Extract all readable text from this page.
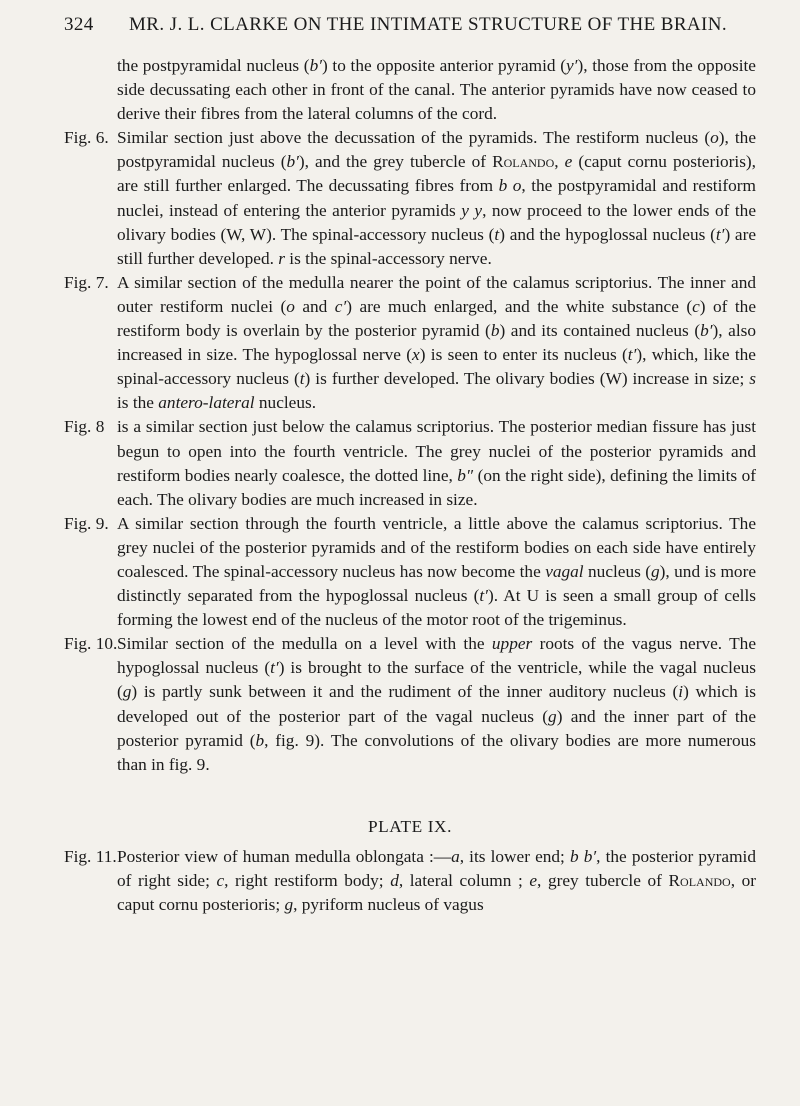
324 MR. J. L. CLARKE ON THE INTIMATE STRUCTURE OF THE BRAIN.

the postpyramidal nucleus (b′) to the opposite anterior pyramid (y′), those from the opposite side decussating each other in front of the canal. The anterior pyramids have now ceased to derive their fibres from the lateral columns of the cord.

Fig. 6. Similar section just above the decussation of the pyramids. The restiform nucleus (o), the postpyramidal nucleus (b′), and the grey tubercle of Rolando, e (caput cornu posterioris), are still further enlarged. The decussating fibres from b o, the postpyramidal and restiform nuclei, instead of entering the anterior pyramids y y, now proceed to the lower ends of the olivary bodies (W, W). The spinal-accessory nucleus (t) and the hypoglossal nucleus (t′) are still further developed. r is the spinal-accessory nerve.
Fig. 7. A similar section of the medulla nearer the point of the calamus scriptorius. The inner and outer restiform nuclei (o and c′) are much enlarged, and the white substance (c) of the restiform body is overlain by the posterior pyramid (b) and its contained nucleus (b′), also increased in size. The hypoglossal nerve (x) is seen to enter its nucleus (t′), which, like the spinal-accessory nucleus (t) is further developed. The olivary bodies (W) increase in size; s is the antero-lateral nucleus.
Fig. 8 is a similar section just below the calamus scriptorius. The posterior median fissure has just begun to open into the fourth ventricle. The grey nuclei of the posterior pyramids and restiform bodies nearly coalesce, the dotted line, b″ (on the right side), defining the limits of each. The olivary bodies are much increased in size.
Fig. 9. A similar section through the fourth ventricle, a little above the calamus scriptorius. The grey nuclei of the posterior pyramids and of the restiform bodies on each side have entirely coalesced. The spinal-accessory nucleus has now become the vagal nucleus (g), und is more distinctly separated from the hypoglossal nucleus (t′). At U is seen a small group of cells forming the lowest end of the nucleus of the motor root of the trigeminus.
Fig. 10. Similar section of the medulla on a level with the upper roots of the vagus nerve. The hypoglossal nucleus (t′) is brought to the surface of the ventricle, while the vagal nucleus (g) is partly sunk between it and the rudiment of the inner auditory nucleus (i) which is developed out of the posterior part of the vagal nucleus (g) and the inner part of the posterior pyramid (b, fig. 9). The convolutions of the olivary bodies are more numerous than in fig. 9.
PLATE IX.
Fig. 11. Posterior view of human medulla oblongata :—a, its lower end; b b′, the posterior pyramid of right side; c, right restiform body; d, lateral column ; e, grey tubercle of Rolando, or caput cornu posterioris; g, pyriform nucleus of vagus
